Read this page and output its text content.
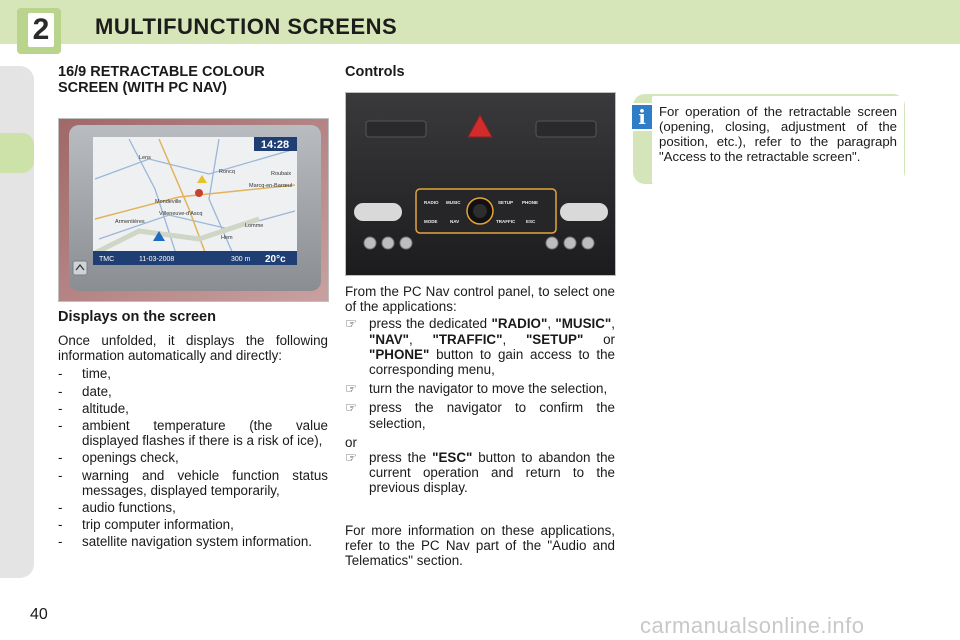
2 MULTIFUNCTION SCREENS
16/9 RETRACTABLE COLOUR
SCREEN (WITH PC NAV)
14:28
TMC	11-03-2008	300 m 20°c
Lens
Roncq
Marcq-en-Barœul
Roubaix
Mondeville
Villeneuve-d'Ascq
Armentières
Lomme
Hem
Displays on the screen

Once unfolded, it displays the following information automatically and directly:

- time,
- date,
- altitude,
- ambient temperature (the value displayed flashes if there is a risk of ice),
- openings check,
- warning and vehicle function status messages, displayed temporarily,
- audio functions,
- trip computer information,
- satellite navigation system information.
Controls
RADIO MUSIC	SETUP PHONE
MODE	NAV	TRAFFIC ESC

From the PC Nav control panel, to select one of the applications:

☞ press the dedicated "RADIO", "MUSIC", "NAV", "TRAFFIC", "SETUP" or "PHONE" button to gain access to the corresponding menu,
☞ turn the navigator to move the selection,
☞ press the navigator to confirm the selection,

or

☞ press the "ESC" button to abandon the current operation and return to the previous display.
For more information on these applications, refer to the PC Nav part of the "Audio and Telematics" section.
i	For operation of the retractable screen (opening, closing, adjustment of the position, etc.), refer to the paragraph "Access to the retractable screen".
40	carmanualsonline.info
